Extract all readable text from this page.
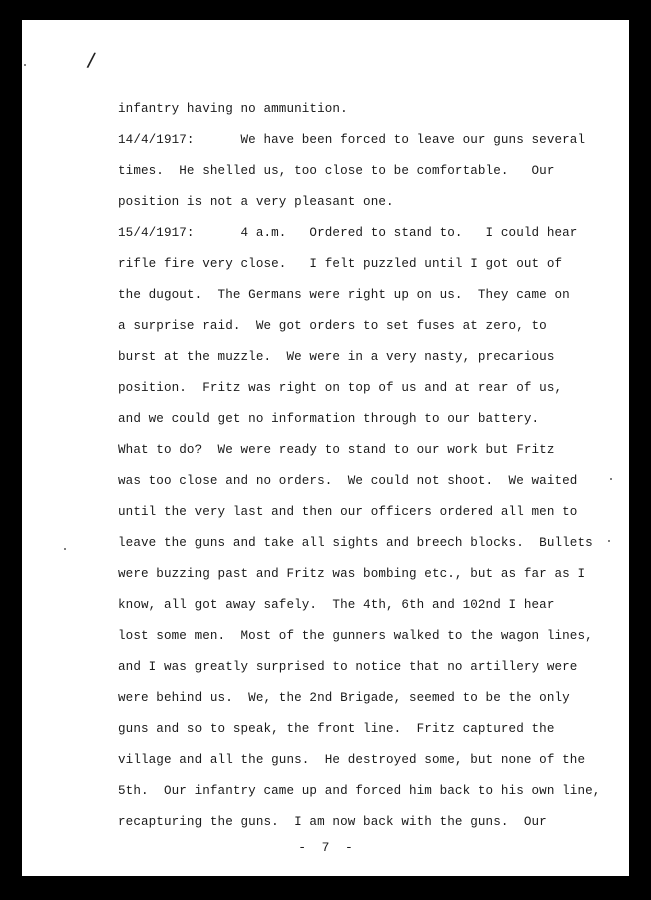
/
infantry having no ammunition.
14/4/1917:      We have been forced to leave our guns several
times.  He shelled us, too close to be comfortable.   Our
position is not a very pleasant one.
15/4/1917:      4 a.m.   Ordered to stand to.   I could hear
rifle fire very close.   I felt puzzled until I got out of
the dugout.  The Germans were right up on us.  They came on
a surprise raid.  We got orders to set fuses at zero, to
burst at the muzzle.  We were in a very nasty, precarious
position.  Fritz was right on top of us and at rear of us,
and we could get no information through to our battery.
What to do?  We were ready to stand to our work but Fritz
was too close and no orders.  We could not shoot.  We waited
until the very last and then our officers ordered all men to
leave the guns and take all sights and breech blocks.  Bullets
were buzzing past and Fritz was bombing etc., but as far as I
know, all got away safely.  The 4th, 6th and 102nd I hear
lost some men.  Most of the gunners walked to the wagon lines,
and I was greatly surprised to notice that no artillery were
were behind us.  We, the 2nd Brigade, seemed to be the only
guns and so to speak, the front line.  Fritz captured the
village and all the guns.  He destroyed some, but none of the
5th.  Our infantry came up and forced him back to his own line,
recapturing the guns.  I am now back with the guns.  Our
-  7  -
